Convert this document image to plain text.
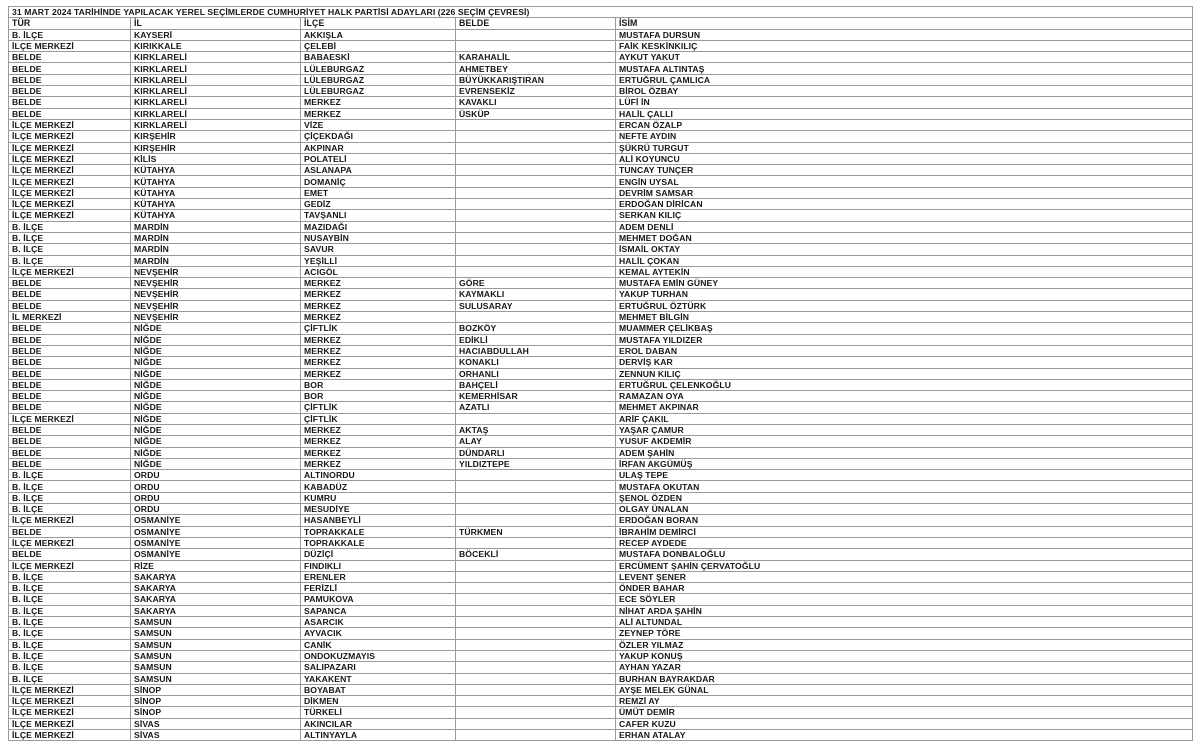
31 MART 2024 TARİHİNDE YAPILACAK YEREL SEÇİMLERDE CUMHURİYET HALK PARTİSİ ADAYLARI (226 SEÇİM ÇEVRESİ)				
TÜR	İL	İLÇE	BELDE	İSİM
B. İLÇE	KAYSERİ	AKKIŞLA		MUSTAFA DURSUN
İLÇE MERKEZİ	KIRIKKALE	ÇELEBİ		FAİK KESKİNKILIÇ
BELDE	KIRKLARELİ	BABAESKİ	KARAHALİL	AYKUT YAKUT
BELDE	KIRKLARELİ	LÜLEBURGAZ	AHMETBEY	MUSTAFA ALTINTAŞ
BELDE	KIRKLARELİ	LÜLEBURGAZ	BÜYÜKKARIŞTIRAN	ERTUĞRUL ÇAMLICA
BELDE	KIRKLARELİ	LÜLEBURGAZ	EVRENSEKİZ	BİROL ÖZBAY
BELDE	KIRKLARELİ	MERKEZ	KAVAKLI	LÜFİ İN
BELDE	KIRKLARELİ	MERKEZ	ÜSKÜP	HALİL ÇALLI
İLÇE MERKEZİ	KIRKLARELİ	VİZE		ERCAN ÖZALP
İLÇE MERKEZİ	KIRŞEHİR	ÇİÇEKDAĞI		NEFTE AYDIN
İLÇE MERKEZİ	KIRŞEHİR	AKPINAR		ŞÜKRÜ TURGUT
İLÇE MERKEZİ	KİLİS	POLATELİ		ALİ KOYUNCU
İLÇE MERKEZİ	KÜTAHYA	ASLANAPA		TUNCAY TUNÇER
İLÇE MERKEZİ	KÜTAHYA	DOMANİÇ		ENGİN UYSAL
İLÇE MERKEZİ	KÜTAHYA	EMET		DEVRİM SAMSAR
İLÇE MERKEZİ	KÜTAHYA	GEDİZ		ERDOĞAN DİRİCAN
İLÇE MERKEZİ	KÜTAHYA	TAVŞANLI		SERKAN KILIÇ
B. İLÇE	MARDİN	MAZIDAĞI		ADEM DENLİ
B. İLÇE	MARDİN	NUSAYBİN		MEHMET DOĞAN
B. İLÇE	MARDİN	SAVUR		İSMAİL OKTAY
B. İLÇE	MARDİN	YEŞİLLİ		HALİL ÇOKAN
İLÇE MERKEZİ	NEVŞEHİR	ACIGÖL		KEMAL AYTEKİN
BELDE	NEVŞEHİR	MERKEZ	GÖRE	MUSTAFA EMİN GÜNEY
BELDE	NEVŞEHİR	MERKEZ	KAYMAKLI	YAKUP TURHAN
BELDE	NEVŞEHİR	MERKEZ	SULUSARAY	ERTUĞRUL ÖZTÜRK
İL MERKEZİ	NEVŞEHİR	MERKEZ		MEHMET BİLGİN
BELDE	NİĞDE	ÇİFTLİK	BOZKÖY	MUAMMER ÇELİKBAŞ
BELDE	NİĞDE	MERKEZ	EDİKLİ	MUSTAFA YILDIZER
BELDE	NİĞDE	MERKEZ	HACIABDULLAH	EROL DABAN
BELDE	NİĞDE	MERKEZ	KONAKLI	DERVİŞ KAR
BELDE	NİĞDE	MERKEZ	ORHANLI	ZENNUN KILIÇ
BELDE	NİĞDE	BOR	BAHÇELİ	ERTUĞRUL ÇELENKOĞLU
BELDE	NİĞDE	BOR	KEMERHİSAR	RAMAZAN OYA
BELDE	NİĞDE	ÇİFTLİK	AZATLI	MEHMET AKPINAR
İLÇE MERKEZİ	NİĞDE	ÇİFTLİK		ARİF ÇAKIL
BELDE	NİĞDE	MERKEZ	AKTAŞ	YAŞAR ÇAMUR
BELDE	NİĞDE	MERKEZ	ALAY	YUSUF AKDEMİR
BELDE	NİĞDE	MERKEZ	DÜNDARLI	ADEM ŞAHİN
BELDE	NİĞDE	MERKEZ	YILDIZTEPE	İRFAN AKGÜMÜŞ
B. İLÇE	ORDU	ALTINORDU		ULAŞ TEPE
B. İLÇE	ORDU	KABADÜZ		MUSTAFA OKUTAN
B. İLÇE	ORDU	KUMRU		ŞENOL ÖZDEN
B. İLÇE	ORDU	MESUDİYE		OLGAY ÜNALAN
İLÇE MERKEZİ	OSMANİYE	HASANBEYLİ		ERDOĞAN BORAN
BELDE	OSMANİYE	TOPRAKKALE	TÜRKMEN	İBRAHİM DEMİRCİ
İLÇE MERKEZİ	OSMANİYE	TOPRAKKALE		RECEP AYDEDE
BELDE	OSMANİYE	DÜZİÇİ	BÖCEKLİ	MUSTAFA DONBALOĞLU
İLÇE MERKEZİ	RİZE	FINDIKLI		ERCÜMENT ŞAHİN ÇERVATOĞLU
B. İLÇE	SAKARYA	ERENLER		LEVENT ŞENER
B. İLÇE	SAKARYA	FERİZLİ		ÖNDER BAHAR
B. İLÇE	SAKARYA	PAMUKOVA		ECE SÖYLER
B. İLÇE	SAKARYA	SAPANCA		NİHAT ARDA ŞAHİN
B. İLÇE	SAMSUN	ASARCIK		ALİ ALTUNDAL
B. İLÇE	SAMSUN	AYVACIK		ZEYNEP TÖRE
B. İLÇE	SAMSUN	CANİK		ÖZLER YILMAZ
B. İLÇE	SAMSUN	ONDOKUZMAYIS		YAKUP KONUŞ
B. İLÇE	SAMSUN	SALIPAZARI		AYHAN YAZAR
B. İLÇE	SAMSUN	YAKAKENT		BURHAN BAYRAKDAR
İLÇE MERKEZİ	SİNOP	BOYABAT		AYŞE MELEK GÜNAL
İLÇE MERKEZİ	SİNOP	DİKMEN		REMZİ AY
İLÇE MERKEZİ	SİNOP	TÜRKELİ		ÜMÜT DEMİR
İLÇE MERKEZİ	SİVAS	AKINCILAR		CAFER KUZU
İLÇE MERKEZİ	SİVAS	ALTINYAYLA		ERHAN ATALAY
